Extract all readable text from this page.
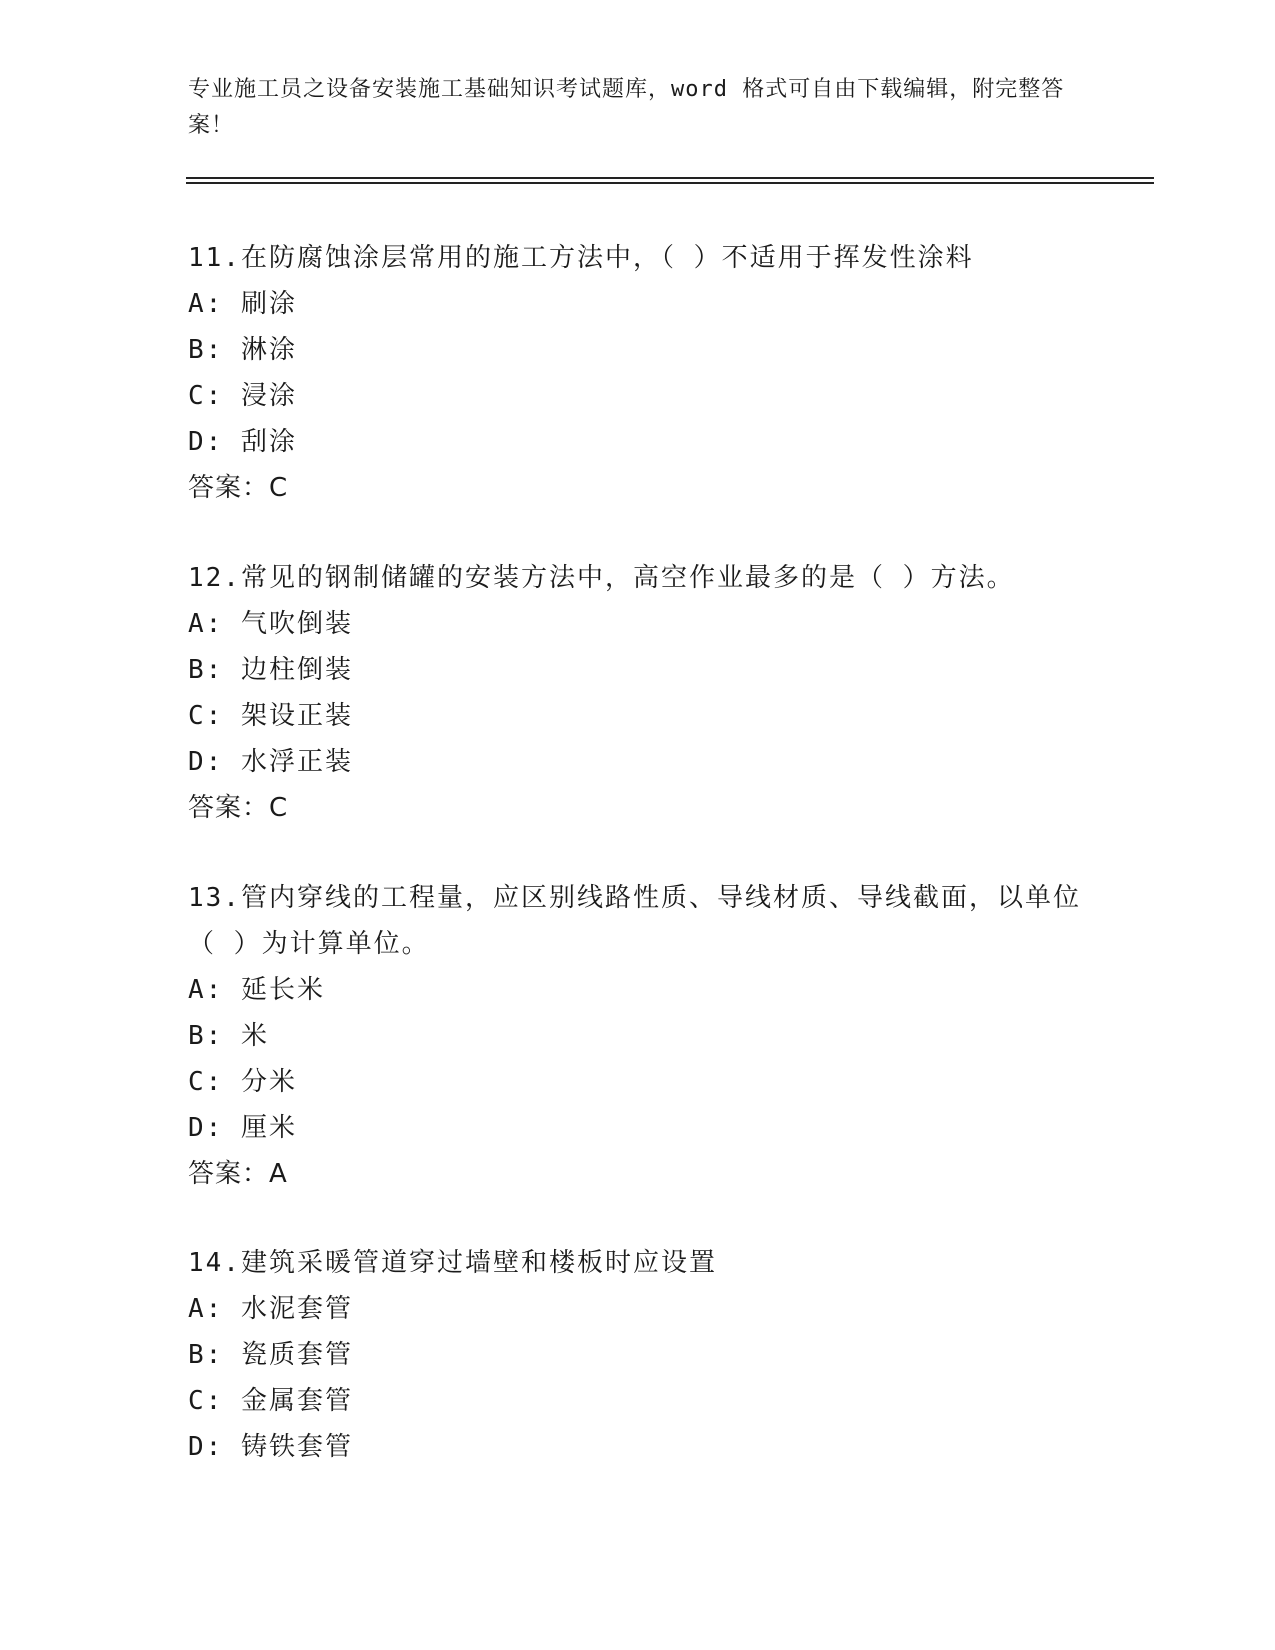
专业施工员之设备安装施工基础知识考试题库，word 格式可自由下载编辑，附完整答案！

11.在防腐蚀涂层常用的施工方法中，（ ）不适用于挥发性涂料

A: 刷涂

B: 淋涂

C: 浸涂

D: 刮涂

答案：C

12.常见的钢制储罐的安装方法中，高空作业最多的是（ ）方法。

A: 气吹倒装

B: 边柱倒装

C: 架设正装

D: 水浮正装

答案：C

13.管内穿线的工程量，应区别线路性质、导线材质、导线截面，以单位（ ）为计算单位。

A: 延长米

B: 米

C: 分米

D: 厘米

答案：A

14.建筑采暖管道穿过墙壁和楼板时应设置

A: 水泥套管

B: 瓷质套管

C: 金属套管

D: 铸铁套管
